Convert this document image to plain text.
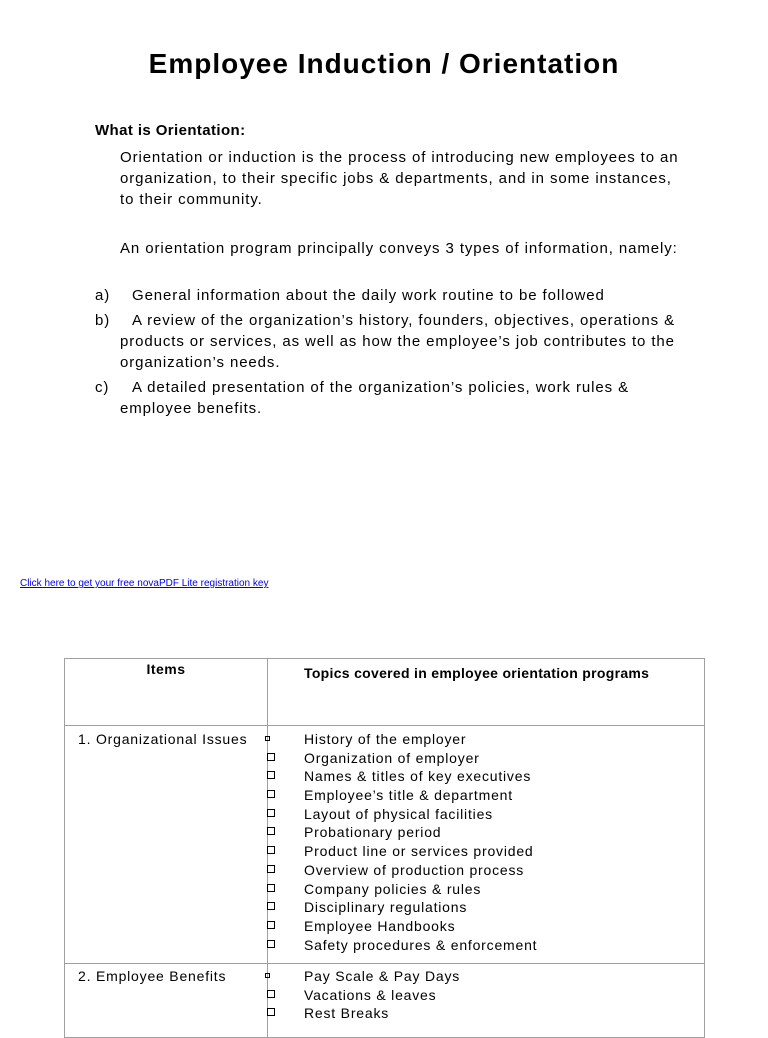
Employee Induction / Orientation
What is Orientation:
Orientation or induction is the process of introducing new employees to an organization, to their specific jobs & departments, and in some instances, to their community.
An orientation program principally conveys 3 types of information, namely:
a)	General information about the daily work routine to be followed
b)	A review of the organization’s history, founders, objectives, operations & products or services, as well as how the employee’s job contributes to the organization’s needs.
c)	A detailed presentation of the organization’s policies, work rules & employee benefits.
Click here to get your free novaPDF Lite registration key
Items	Topics covered in employee orientation programs
1. Organizational Issues	History of the employer
Organization of employer
Names & titles of key executives
Employee’s title & department
Layout of physical facilities
Probationary period
Product line or services provided
Overview of production process
Company policies & rules
Disciplinary regulations
Employee Handbooks
Safety procedures & enforcement
2. Employee Benefits	Pay Scale & Pay Days
Vacations & leaves
Rest Breaks
